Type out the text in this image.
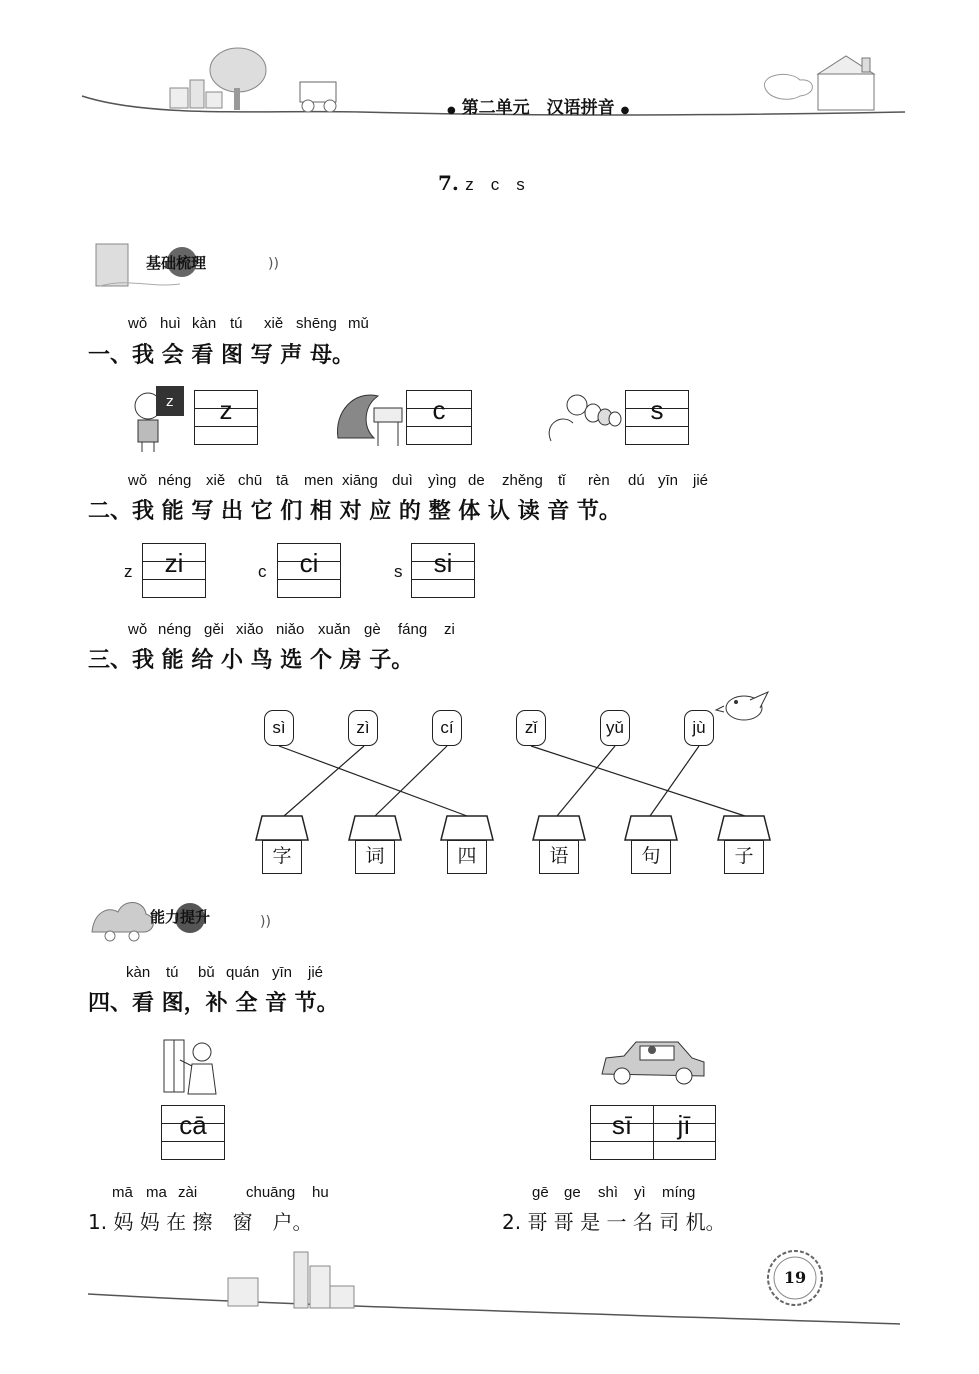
● 第二单元　汉语拼音 ●
7. z　c　s
))
基础梳理
wǒ huì kàn tú xiě shēng mǔ
一、我 会 看 图 写 声 母。
z	z	c	s
wǒ néng xiě chū tā men xiāng duì yìng de zhěng tǐ rèn dú yīn jié
二、我 能 写 出 它 们 相 对 应 的 整 体 认 读 音 节。
z	zi	c	ci	s	si
wǒ néng gěi xiǎo niǎo xuǎn gè fáng zi
三、我 能 给 小 鸟 选 个 房 子。
sì	zì	cí	zǐ	yǔ	jù
字	词	四	语	句	子
))
能力提升
kàn tú bǔ quán yīn jié
四、看 图，补 全 音 节。
cā	sī	jī
mā ma zài	chuāng hu
1. 妈 妈 在 擦　窗　户。
gē ge shì yì míng
2. 哥 哥 是 一 名 司 机。
19
